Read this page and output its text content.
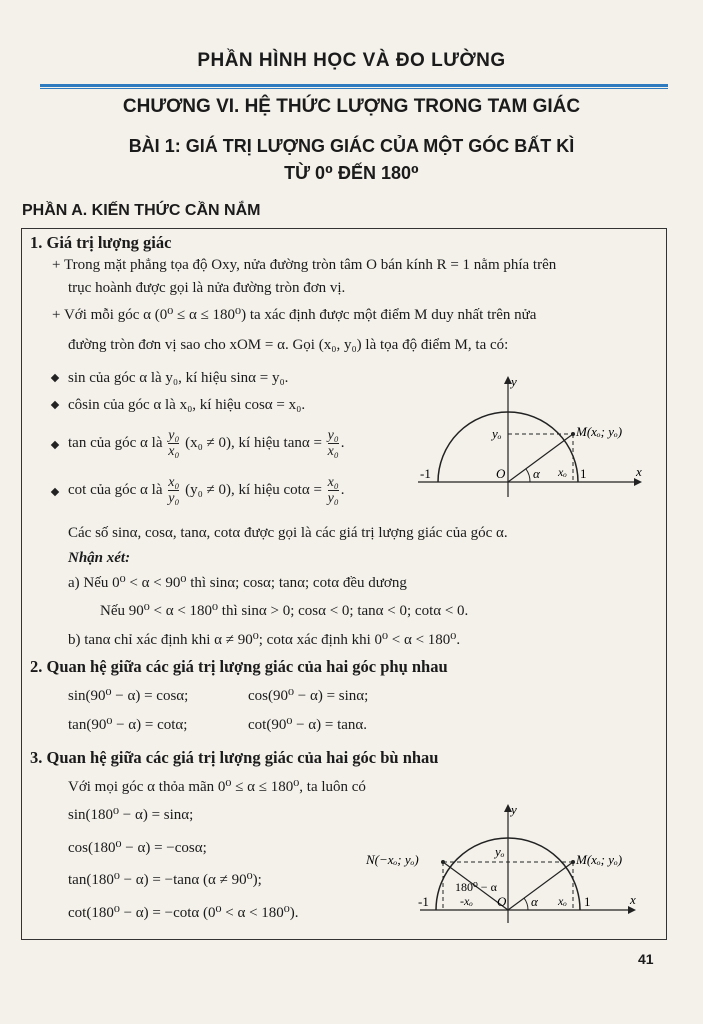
PHẦN HÌNH HỌC VÀ ĐO LƯỜNG
CHƯƠNG VI. HỆ THỨC LƯỢNG TRONG TAM GIÁC
BÀI 1: GIÁ TRỊ LƯỢNG GIÁC CỦA MỘT GÓC BẤT KÌ
TỪ 0⁰ ĐẾN 180⁰
PHẦN A. KIẾN THỨC CẦN NẮM
1. Giá trị lượng giác
+ Trong mặt phẳng tọa độ Oxy, nửa đường tròn tâm O bán kính R = 1 nằm phía trên
trục hoành được gọi là nửa đường tròn đơn vị.
+ Với mỗi góc α (0⁰ ≤ α ≤ 180⁰) ta xác định được một điểm M duy nhất trên nửa
đường tròn đơn vị sao cho xOM = α. Gọi (x₀, y₀) là tọa độ điểm M, ta có:
sin của góc α là y₀, kí hiệu sinα = y₀.
côsin của góc α là x₀, kí hiệu cosα = x₀.
tan của góc α là $\frac{\text{y₀}}{\text{x₀}} (x_0 \ne 0)$, kí hiệu $\tan\alpha = \frac{\text{y₀}}{\text{x₀}}$ .
cot của góc α là $\frac{\text{x₀}}{\text{y₀}} (y_0 \ne 0)$, kí hiệu $\cot\alpha = \frac{\text{x₀}}{\text{y₀}}$ .
Các số sinα, cosα, tanα, cotα được gọi là các giá trị lượng giác của góc α.
Nhận xét:
a) Nếu 0⁰ < α < 90⁰ thì sinα; cosα; tanα; cotα đều dương
Nếu 90⁰ < α < 180⁰ thì sinα > 0; cosα < 0; tanα < 0; cotα < 0.
b) tanα chỉ xác định khi α ≠ 90⁰; cotα xác định khi 0⁰ < α < 180⁰.
y
x
O	1
-1
yₒ
xₒ
α
M(xₒ; yₒ)
2. Quan hệ giữa các giá trị lượng giác của hai góc phụ nhau
sin(90⁰ − α) = cosα;	cos(90⁰ − α) = sinα;
tan(90⁰ − α) = cotα;	cot(90⁰ − α) = tanα.
3. Quan hệ giữa các giá trị lượng giác của hai góc bù nhau
Với mọi góc α thỏa mãn 0⁰ ≤ α ≤ 180⁰, ta luôn có
sin(180⁰ − α) = sinα;
cos(180⁰ − α) = −cosα;
tan(180⁰ − α) = −tanα (α ≠ 90⁰);
cot(180⁰ − α) = −cotα (0⁰ < α < 180⁰).
y
x
O	1
-1
yₒ
xₒ
-xₒ	α
180⁰ − α
N(−xₒ; yₒ)	M(xₒ; yₒ)
41
